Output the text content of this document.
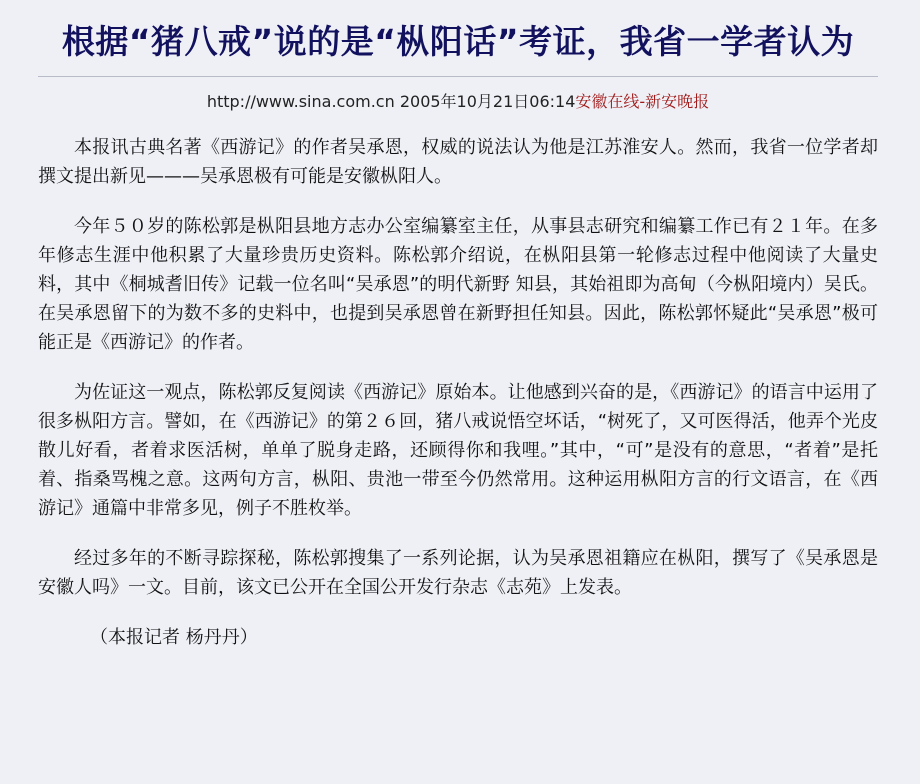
根据“猪八戒”说的是“枞阳话”考证，我省一学者认为
http://www.sina.com.cn 2005年10月21日06:14安徽在线-新安晚报

本报讯古典名著《西游记》的作者吴承恩，权威的说法认为他是江苏淮安人。然而，我省一位学者却撰文提出新见———吴承恩极有可能是安徽枞阳人。

今年５０岁的陈松郭是枞阳县地方志办公室编纂室主任，从事县志研究和编纂工作已有２１年。在多年修志生涯中他积累了大量珍贵历史资料。陈松郭介绍说，在枞阳县第一轮修志过程中他阅读了大量史料，其中《桐城耆旧传》记载一位名叫“吴承恩”的明代新野 知县，其始祖即为高甸（今枞阳境内）吴氏。在吴承恩留下的为数不多的史料中，也提到吴承恩曾在新野担任知县。因此，陈松郭怀疑此“吴承恩”极可能正是《西游记》的作者。

为佐证这一观点，陈松郭反复阅读《西游记》原始本。让他感到兴奋的是，《西游记》的语言中运用了很多枞阳方言。譬如，在《西游记》的第２６回，猪八戒说悟空坏话，“树死了，又可医得活，他弄个光皮散儿好看，者着求医活树，单单了脱身走路，还顾得你和我哩。”其中，“可”是没有的意思，“者着”是托着、指桑骂槐之意。这两句方言，枞阳、贵池一带至今仍然常用。这种运用枞阳方言的行文语言，在《西游记》通篇中非常多见，例子不胜枚举。

经过多年的不断寻踪探秘，陈松郭搜集了一系列论据，认为吴承恩祖籍应在枞阳，撰写了《吴承恩是安徽人吗》一文。目前，该文已公开在全国公开发行杂志《志苑》上发表。

（本报记者 杨丹丹）
